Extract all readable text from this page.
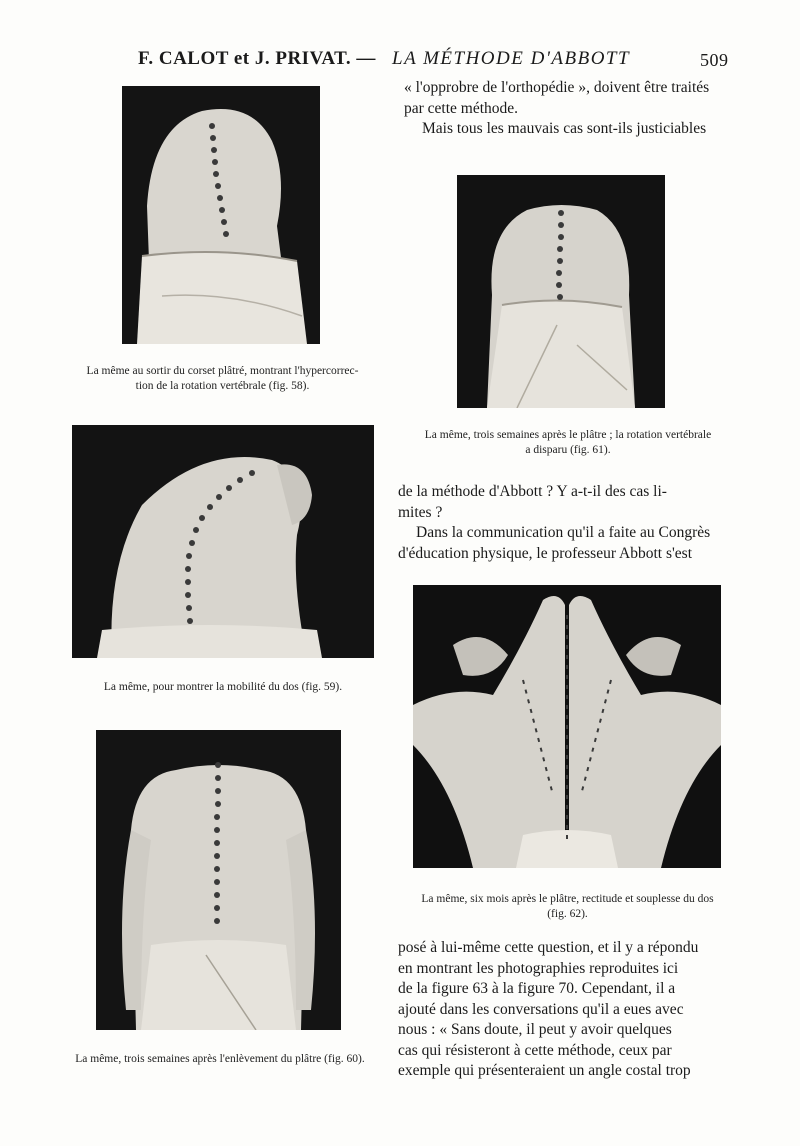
F. CALOT et J. PRIVAT. — LA MÉTHODE D'ABBOTT	509
La même au sortir du corset plâtré, montrant l'hypercorrec-
tion de la rotation vertébrale (fig. 58).
La même, trois semaines après le plâtre ; la rotation vertébrale
a disparu (fig. 61).
La même, pour montrer la mobilité du dos (fig. 59).
La même, six mois après le plâtre, rectitude et souplesse du dos
(fig. 62).
La même, trois semaines après l'enlèvement du plâtre (fig. 60).

« l'opprobre de l'orthopédie », doivent être traités

par cette méthode.

Mais tous les mauvais cas sont-ils justiciables

de la méthode d'Abbott ? Y a-t-il des cas li-

mites ?

Dans la communication qu'il a faite au Congrès

d'éducation physique, le professeur Abbott s'est

posé à lui-même cette question, et il y a répondu

en montrant les photographies reproduites ici

de la figure 63 à la figure 70. Cependant, il a

ajouté dans les conversations qu'il a eues avec

nous : « Sans doute, il peut y avoir quelques

cas qui résisteront à cette méthode, ceux par

exemple qui présenteraient un angle costal trop
